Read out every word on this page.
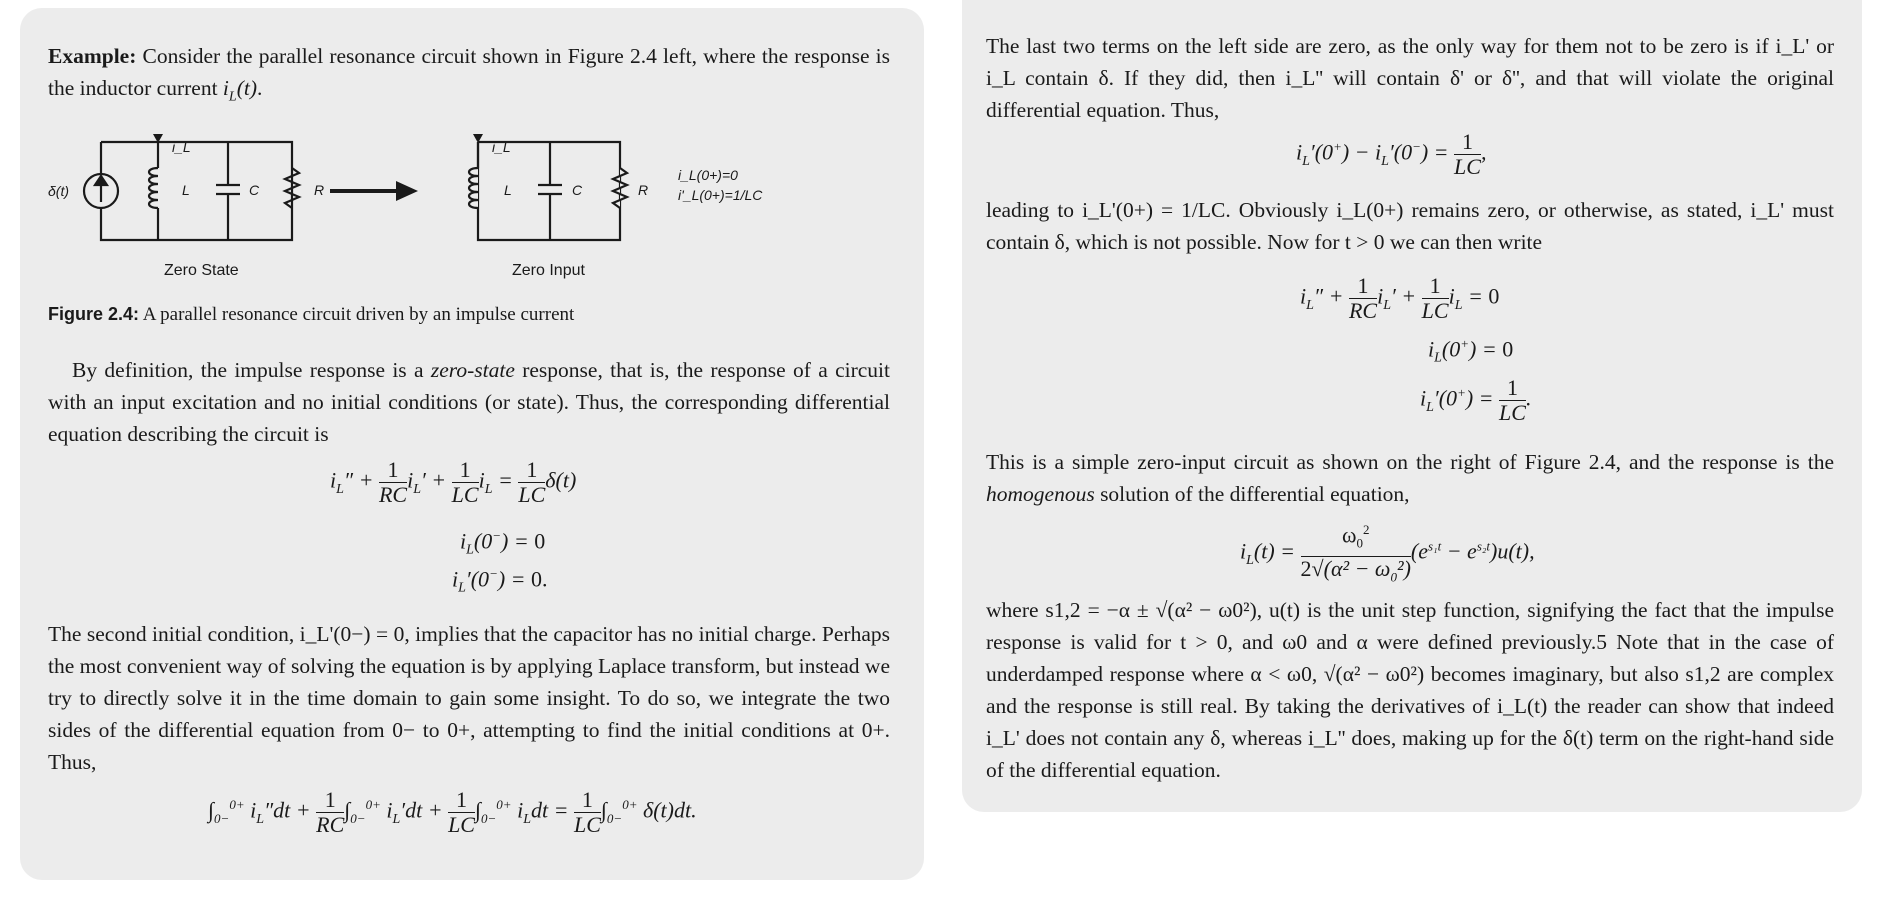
Example: Consider the parallel resonance circuit shown in Figure 2.4 left, where the response is the inductor current $i_L(t)$.
δ(t)
i_L
L	C	R
i_L
L	C	R
i_L(0+)=0
i'_L(0+)=1/LC
Zero State	Zero Input
Figure 2.4: A parallel resonance circuit driven by an impulse current
By definition, the impulse response is a zero-state response, that is, the response of a circuit with an input excitation and no initial conditions (or state). Thus, the corresponding differential equation describing the circuit is
$i_L'' + \frac{1}{RC} i_L' + \frac{1}{LC} i_L = \frac{1}{LC} \delta(t)$
$i_L(0^-) = 0$
$i_L'(0^-) = 0$.
The second initial condition, i_L'(0−) = 0, implies that the capacitor has no initial charge. Perhaps the most convenient way of solving the equation is by applying Laplace transform, but instead we try to directly solve it in the time domain to gain some insight. To do so, we integrate the two sides of the differential equation from 0− to 0+, attempting to find the initial conditions at 0+. Thus,
$\int_{0-}^{0+}$ $i_L''dt + \frac{1}{RC} \int_{0-}^{0+}$ $i_L'dt + \frac{1}{LC} \int_{0-}^{0+}$ $i_Ldt = \frac{1}{LC} \int_{0-}^{0+}$ δ(t)dt.
The last two terms on the left side are zero, as the only way for them not to be zero is if i_L' or i_L contain δ. If they did, then i_L'' will contain δ' or δ'', and that will violate the original differential equation. Thus,
$i_L'(0^+) - i_L'(0^-) = \frac{1}{LC}$ ,
leading to i_L'(0+) = 1/LC. Obviously i_L(0+) remains zero, or otherwise, as stated, i_L' must contain δ, which is not possible. Now for t > 0 we can then write
$i_L'' + \frac{1}{RC} i_L' + \frac{1}{LC} i_L = 0$
$i_L(0^+) = 0$
$i_L'(0^+) = \frac{1}{LC}$ .
This is a simple zero-input circuit as shown on the right of Figure 2.4, and the response is the homogenous solution of the differential equation,
$i_L(t) = \frac{\omega_0^2}{2√(\alpha^2 - \omega_0^2)} (e^{s_1t} - e^{s_2t})u(t)$,
where s1,2 = −α ± √(α² − ω0²), u(t) is the unit step function, signifying the fact that the impulse response is valid for t > 0, and ω0 and α were defined previously.5 Note that in the case of underdamped response where α < ω0, √(α² − ω0²) becomes imaginary, but also s1,2 are complex and the response is still real. By taking the derivatives of i_L(t) the reader can show that indeed i_L' does not contain any δ, whereas i_L'' does, making up for the δ(t) term on the right-hand side of the differential equation.
